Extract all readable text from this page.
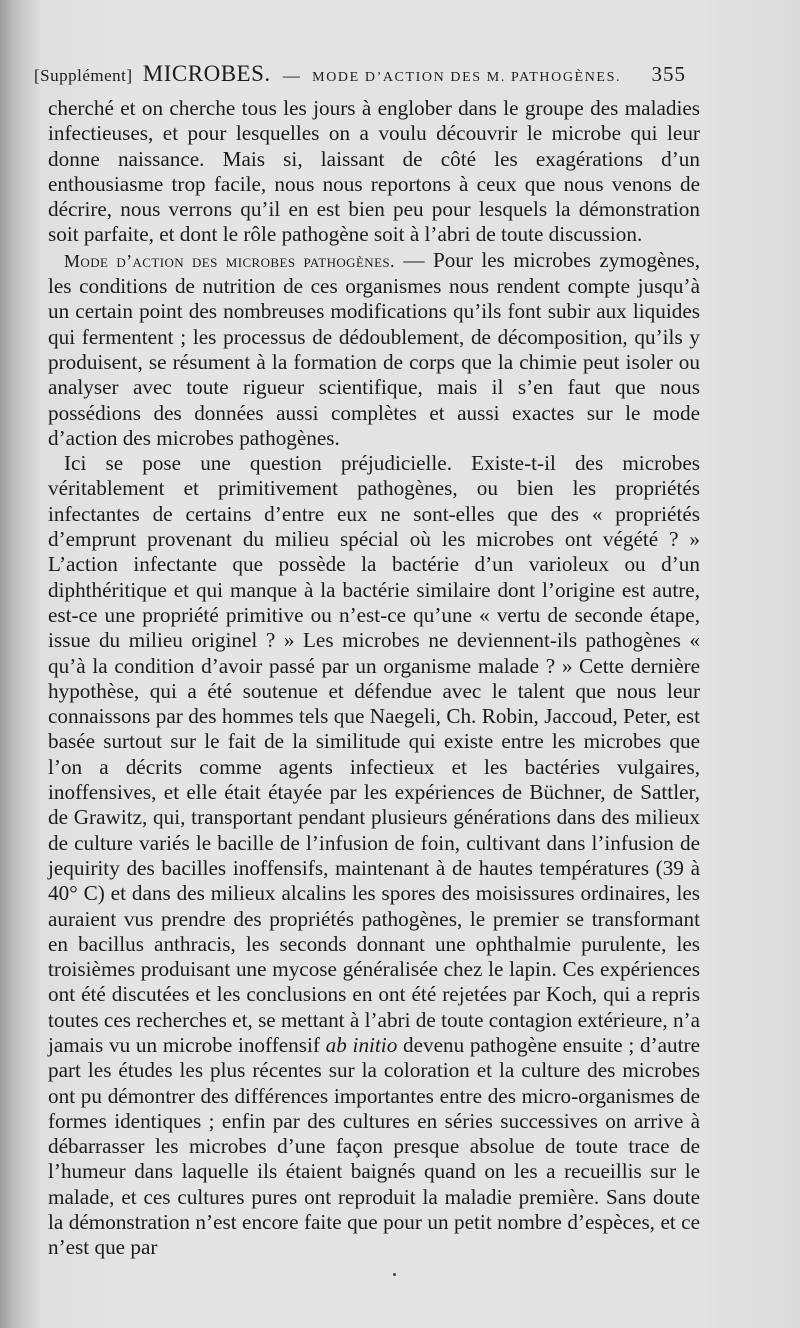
[Supplément] MICROBES. — MODE D’ACTION DES M. PATHOGÈNES. 355

cherché et on cherche tous les jours à englober dans le groupe des maladies infectieuses, et pour lesquelles on a voulu découvrir le microbe qui leur donne naissance. Mais si, laissant de côté les exagérations d’un enthousiasme trop facile, nous nous reportons à ceux que nous venons de décrire, nous verrons qu’il en est bien peu pour lesquels la démonstration soit parfaite, et dont le rôle pathogène soit à l’abri de toute discussion.

Mode d’action des microbes pathogènes. — Pour les microbes zymogènes, les conditions de nutrition de ces organismes nous rendent compte jusqu’à un certain point des nombreuses modifications qu’ils font subir aux liquides qui fermentent ; les processus de dédoublement, de décomposition, qu’ils y produisent, se résument à la formation de corps que la chimie peut isoler ou analyser avec toute rigueur scientifique, mais il s’en faut que nous possédions des données aussi complètes et aussi exactes sur le mode d’action des microbes pathogènes.

Ici se pose une question préjudicielle. Existe-t-il des microbes véritablement et primitivement pathogènes, ou bien les propriétés infectantes de certains d’entre eux ne sont-elles que des « propriétés d’emprunt provenant du milieu spécial où les microbes ont végété ? » L’action infectante que possède la bactérie d’un varioleux ou d’un diphthéritique et qui manque à la bactérie similaire dont l’origine est autre, est-ce une propriété primitive ou n’est-ce qu’une « vertu de seconde étape, issue du milieu originel ? » Les microbes ne deviennent-ils pathogènes « qu’à la condition d’avoir passé par un organisme malade ? » Cette dernière hypothèse, qui a été soutenue et défendue avec le talent que nous leur connaissons par des hommes tels que Naegeli, Ch. Robin, Jaccoud, Peter, est basée surtout sur le fait de la similitude qui existe entre les microbes que l’on a décrits comme agents infectieux et les bactéries vulgaires, inoffensives, et elle était étayée par les expériences de Büchner, de Sattler, de Grawitz, qui, transportant pendant plusieurs générations dans des milieux de culture variés le bacille de l’infusion de foin, cultivant dans l’infusion de jequirity des bacilles inoffensifs, maintenant à de hautes températures (39 à 40° C) et dans des milieux alcalins les spores des moisissures ordinaires, les auraient vus prendre des propriétés pathogènes, le premier se transformant en bacillus anthracis, les seconds donnant une ophthalmie purulente, les troisièmes produisant une mycose généralisée chez le lapin. Ces expériences ont été discutées et les conclusions en ont été rejetées par Koch, qui a repris toutes ces recherches et, se mettant à l’abri de toute contagion extérieure, n’a jamais vu un microbe inoffensif ab initio devenu pathogène ensuite ; d’autre part les études les plus récentes sur la coloration et la culture des microbes ont pu démontrer des différences importantes entre des micro-organismes de formes identiques ; enfin par des cultures en séries successives on arrive à débarrasser les microbes d’une façon presque absolue de toute trace de l’humeur dans laquelle ils étaient baignés quand on les a recueillis sur le malade, et ces cultures pures ont reproduit la maladie première. Sans doute la démonstration n’est encore faite que pour un petit nombre d’espèces, et ce n’est que par
